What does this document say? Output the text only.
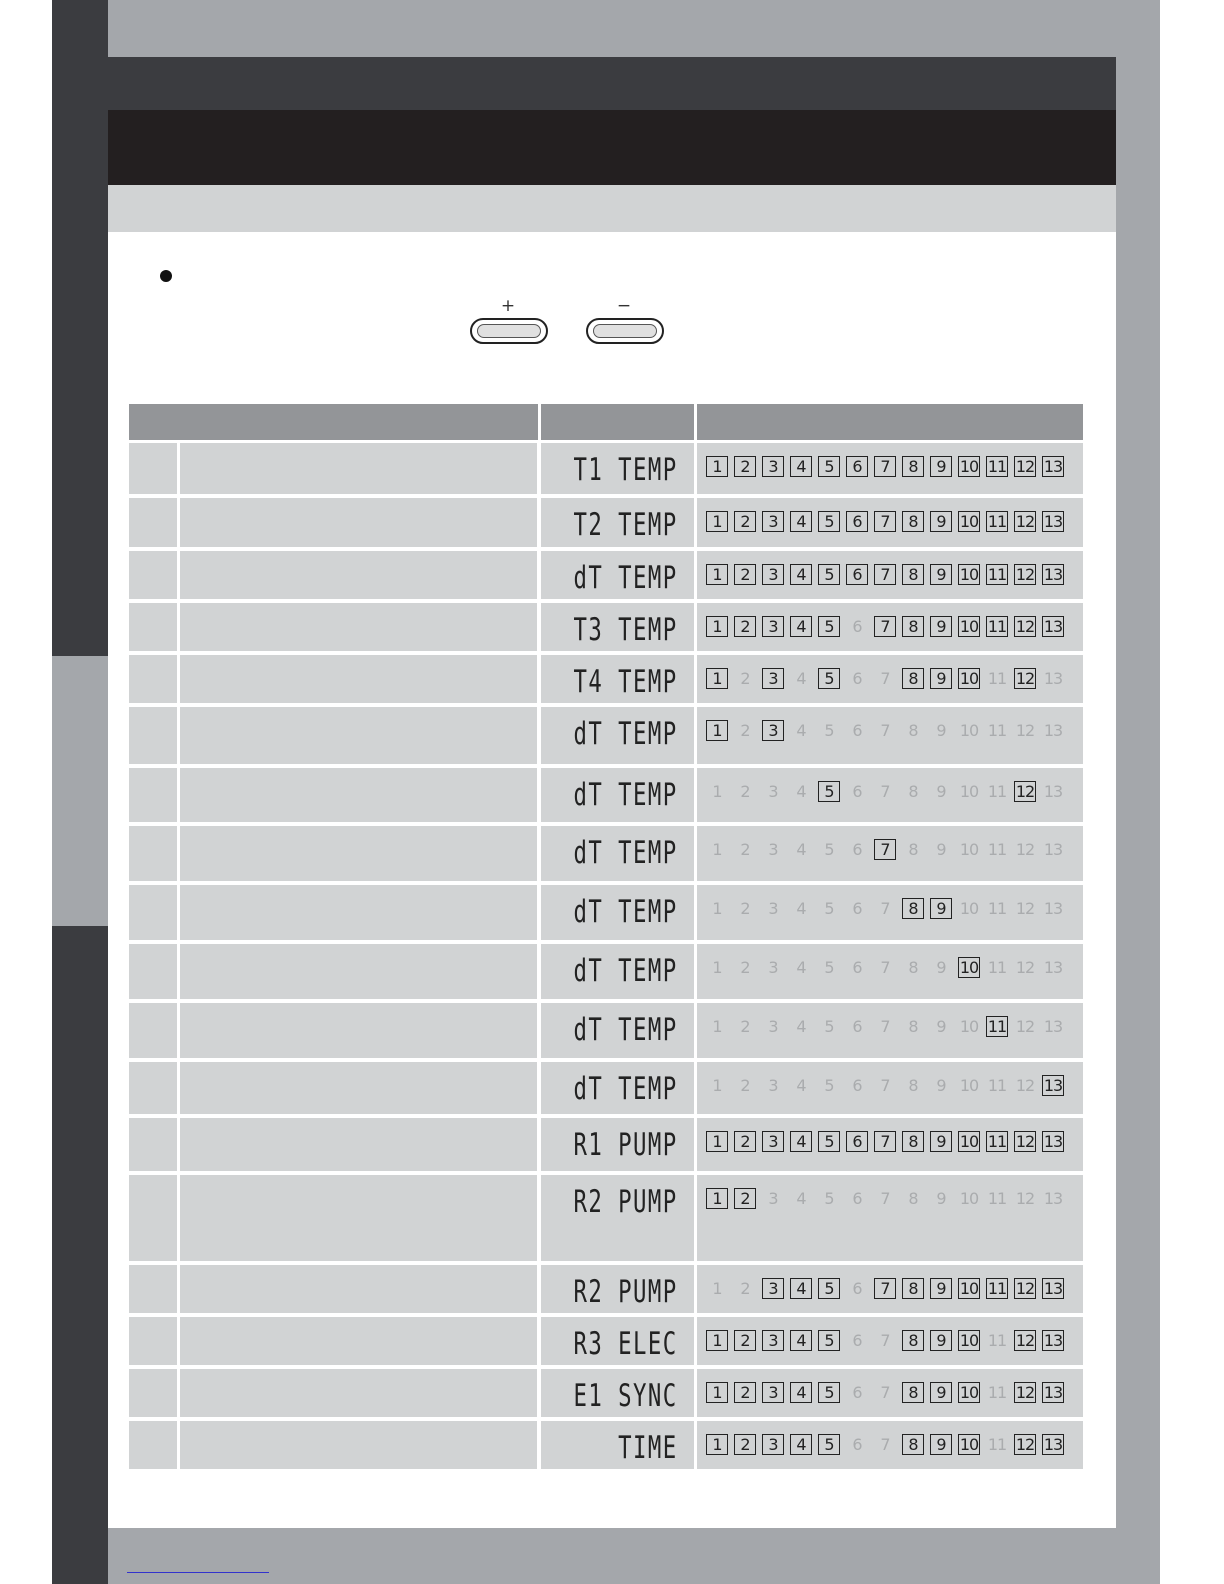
+	−
T1 TEMP	1	2	3	4	5	6	7	8	9 10 11 12 13
T2 TEMP	1	2	3	4	5	6	7	8	9 10 11 12 13
dT TEMP	1	2	3	4	5	6	7	8	9 10 11 12 13
T3 TEMP	1	2	3	4	5	6	7	8	9 10 11 12 13
T4 TEMP	1	2	3	4	5	6	7	8	9 10 11 12 13
dT TEMP	1	2	3	4	5	6	7	8	9 10 11 12 13
dT TEMP	1	2	3	4	5	6	7	8	9 10 11 12 13
dT TEMP	1	2	3	4	5	6	7	8	9 10 11 12 13
dT TEMP	1	2	3	4	5	6	7	8	9 10 11 12 13
dT TEMP	1	2	3	4	5	6	7	8	9 10 11 12 13
dT TEMP	1	2	3	4	5	6	7	8	9 10 11 12 13
dT TEMP	1	2	3	4	5	6	7	8	9 10 11 12 13
R1 PUMP	1	2	3	4	5	6	7	8	9 10 11 12 13
R2 PUMP	1	2	3	4	5	6	7	8	9 10 11 12 13
R2 PUMP	1	2	3	4	5	6	7	8	9 10 11 12 13
R3 ELEC	1	2	3	4	5	6	7	8	9 10 11 12 13
E1 SYNC	1	2	3	4	5	6	7	8	9 10 11 12 13
TIME	1	2	3	4	5	6	7	8	9 10 11 12 13
